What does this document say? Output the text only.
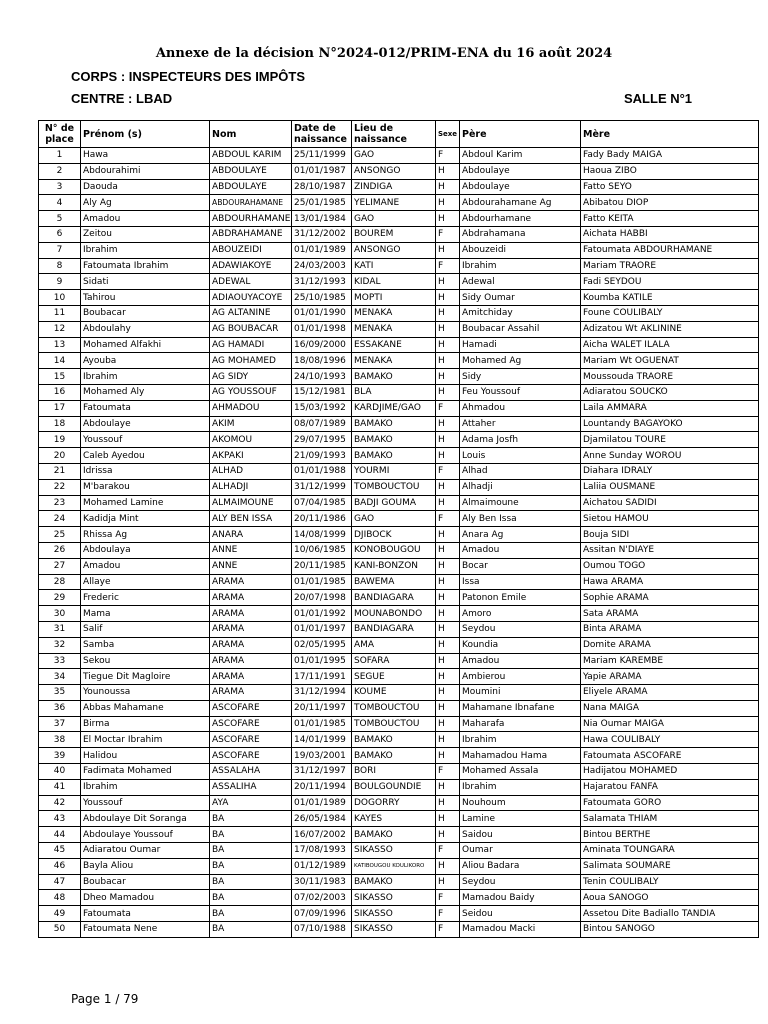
Annexe de la décision N°2024-012/PRIM-ENA du 16 août 2024
CORPS : INSPECTEURS DES IMPÔTS
CENTRE : LBAD	SALLE N°1
N° de place	Prénom (s)	Nom	Date de naissance	Lieu de naissance	Sexe	Père	Mère
1	Hawa	ABDOUL KARIM	25/11/1999	GAO	F	Abdoul Karim	Fady Bady MAIGA
2	Abdourahimi	ABDOULAYE	01/01/1987	ANSONGO	H	Abdoulaye	Haoua ZIBO
3	Daouda	ABDOULAYE	28/10/1987	ZINDIGA	H	Abdoulaye	Fatto SEYO
4	Aly Ag	ABDOURAHAMANE	25/01/1985	YELIMANE	H	Abdourahamane Ag	Abibatou DIOP
5	Amadou	ABDOURHAMANE	13/01/1984	GAO	H	Abdourhamane	Fatto KEITA
6	Zeitou	ABDRAHAMANE	31/12/2002	BOUREM	F	Abdrahamana	Aichata HABBI
7	Ibrahim	ABOUZEIDI	01/01/1989	ANSONGO	H	Abouzeidi	Fatoumata ABDOURHAMANE
8	Fatoumata Ibrahim	ADAWIAKOYE	24/03/2003	KATI	F	Ibrahim	Mariam TRAORE
9	Sidati	ADEWAL	31/12/1993	KIDAL	H	Adewal	Fadi SEYDOU
10	Tahirou	ADIAOUYACOYE	25/10/1985	MOPTI	H	Sidy Oumar	Koumba KATILE
11	Boubacar	AG ALTANINE	01/01/1990	MENAKA	H	Amitchiday	Foune COULIBALY
12	Abdoulahy	AG BOUBACAR	01/01/1998	MENAKA	H	Boubacar Assahil	Adizatou Wt AKLININE
13	Mohamed Alfakhi	AG HAMADI	16/09/2000	ESSAKANE	H	Hamadi	Aicha WALET ILALA
14	Ayouba	AG MOHAMED	18/08/1996	MENAKA	H	Mohamed Ag	Mariam Wt OGUENAT
15	Ibrahim	AG SIDY	24/10/1993	BAMAKO	H	Sidy	Moussouda TRAORE
16	Mohamed Aly	AG YOUSSOUF	15/12/1981	BLA	H	Feu Youssouf	Adiaratou SOUCKO
17	Fatoumata	AHMADOU	15/03/1992	KARDJIME/GAO	F	Ahmadou	Laila AMMARA
18	Abdoulaye	AKIM	08/07/1989	BAMAKO	H	Attaher	Lountandy BAGAYOKO
19	Youssouf	AKOMOU	29/07/1995	BAMAKO	H	Adama Josfh	Djamilatou TOURE
20	Caleb Ayedou	AKPAKI	21/09/1993	BAMAKO	H	Louis	Anne Sunday WOROU
21	Idrissa	ALHAD	01/01/1988	YOURMI	F	Alhad	Diahara IDRALY
22	M'barakou	ALHADJI	31/12/1999	TOMBOUCTOU	H	Alhadji	Laliia OUSMANE
23	Mohamed Lamine	ALMAIMOUNE	07/04/1985	BADJI GOUMA	H	Almaimoune	Aichatou SADIDI
24	Kadidja Mint	ALY BEN ISSA	20/11/1986	GAO	F	Aly Ben Issa	Sietou HAMOU
25	Rhissa Ag	ANARA	14/08/1999	DJIBOCK	H	Anara Ag	Bouja SIDI
26	Abdoulaya	ANNE	10/06/1985	KONOBOUGOU	H	Amadou	Assitan N'DIAYE
27	Amadou	ANNE	20/11/1985	KANI-BONZON	H	Bocar	Oumou TOGO
28	Allaye	ARAMA	01/01/1985	BAWEMA	H	Issa	Hawa ARAMA
29	Frederic	ARAMA	20/07/1998	BANDIAGARA	H	Patonon Emile	Sophie ARAMA
30	Mama	ARAMA	01/01/1992	MOUNABONDO	H	Amoro	Sata ARAMA
31	Salif	ARAMA	01/01/1997	BANDIAGARA	H	Seydou	Binta ARAMA
32	Samba	ARAMA	02/05/1995	AMA	H	Koundia	Domite ARAMA
33	Sekou	ARAMA	01/01/1995	SOFARA	H	Amadou	Mariam KAREMBE
34	Tiegue Dit Magloire	ARAMA	17/11/1991	SEGUE	H	Ambierou	Yapie ARAMA
35	Younoussa	ARAMA	31/12/1994	KOUME	H	Moumini	Eliyele ARAMA
36	Abbas Mahamane	ASCOFARE	20/11/1997	TOMBOUCTOU	H	Mahamane Ibnafane	Nana MAIGA
37	Birma	ASCOFARE	01/01/1985	TOMBOUCTOU	H	Maharafa	Nia Oumar MAIGA
38	El Moctar Ibrahim	ASCOFARE	14/01/1999	BAMAKO	H	Ibrahim	Hawa COULIBALY
39	Halidou	ASCOFARE	19/03/2001	BAMAKO	H	Mahamadou Hama	Fatoumata ASCOFARE
40	Fadimata Mohamed	ASSALAHA	31/12/1997	BORI	F	Mohamed Assala	Hadijatou MOHAMED
41	Ibrahim	ASSALIHA	20/11/1994	BOULGOUNDIE	H	Ibrahim	Hajaratou FANFA
42	Youssouf	AYA	01/01/1989	DOGORRY	H	Nouhoum	Fatoumata GORO
43	Abdoulaye Dit Soranga	BA	26/05/1984	KAYES	H	Lamine	Salamata THIAM
44	Abdoulaye Youssouf	BA	16/07/2002	BAMAKO	H	Saidou	Bintou BERTHE
45	Adiaratou Oumar	BA	17/08/1993	SIKASSO	F	Oumar	Aminata TOUNGARA
46	Bayla Aliou	BA	01/12/1989	KATIBOUGOU KOULIKORO	H	Aliou Badara	Salimata SOUMARE
47	Boubacar	BA	30/11/1983	BAMAKO	H	Seydou	Tenin COULIBALY
48	Dheo Mamadou	BA	07/02/2003	SIKASSO	F	Mamadou Baidy	Aoua SANOGO
49	Fatoumata	BA	07/09/1996	SIKASSO	F	Seidou	Assetou Dite Badiallo TANDIA
50	Fatoumata Nene	BA	07/10/1988	SIKASSO	F	Mamadou Macki	Bintou SANOGO
Page 1 / 79
